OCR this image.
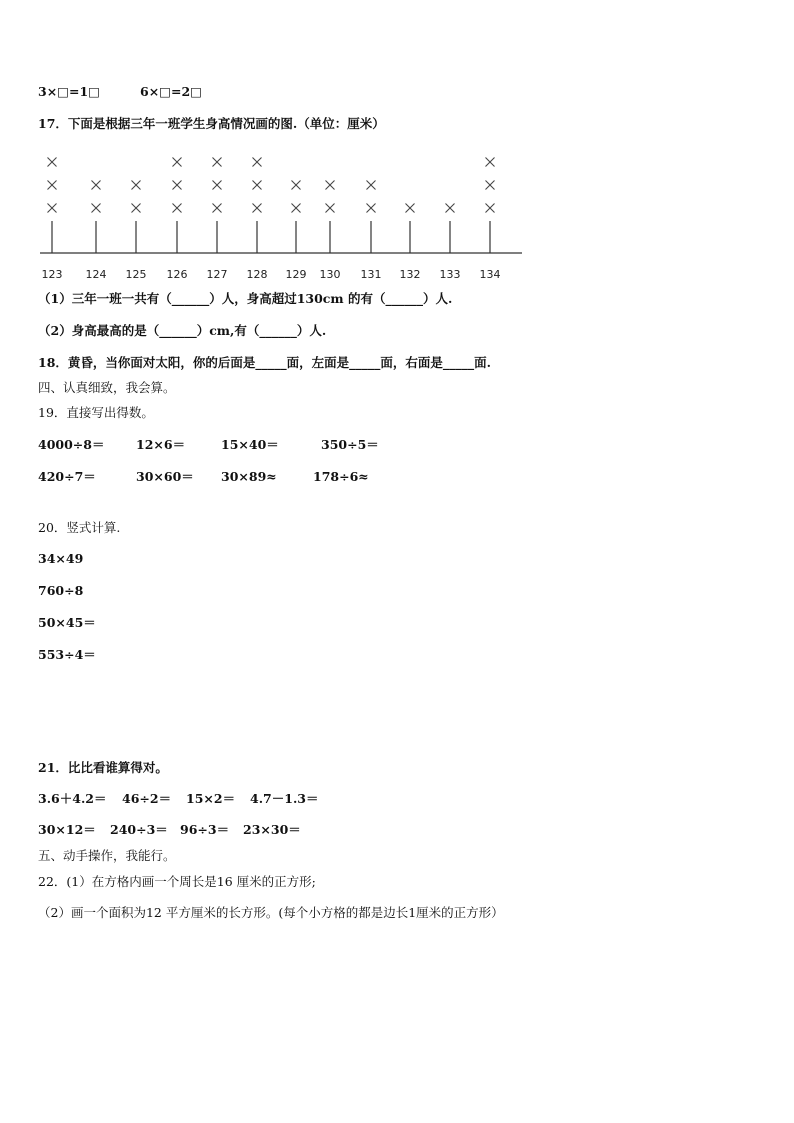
3×□=1□	6×□=2□
17．下面是根据三年一班学生身高情况画的图.（单位：厘米）
123 124 125 126 127 128 129 130 131 132 133 134
（1）三年一班一共有（______）人，身高超过130cm 的有（______）人.
（2）身高最高的是（______）cm,有（______）人.
18．黄昏，当你面对太阳，你的后面是_____面，左面是_____面，右面是_____面.
四、认真细致，我会算。
19．直接写出得数。
4000÷8＝	12×6＝	15×40＝	350÷5＝
420÷7＝	30×60＝ 30×89≈	178÷6≈
20．竖式计算.
34×49
760÷8
50×45＝
553÷4＝
21．比比看谁算得对。
3.6＋4.2＝ 46÷2＝ 15×2＝ 4.7－1.3＝
30×12＝ 240÷3＝ 96÷3＝ 23×30＝
五、动手操作，我能行。
22．(1）在方格内画一个周长是16 厘米的正方形;
（2）画一个面积为12 平方厘米的长方形。(每个小方格的都是边长1厘米的正方形）
